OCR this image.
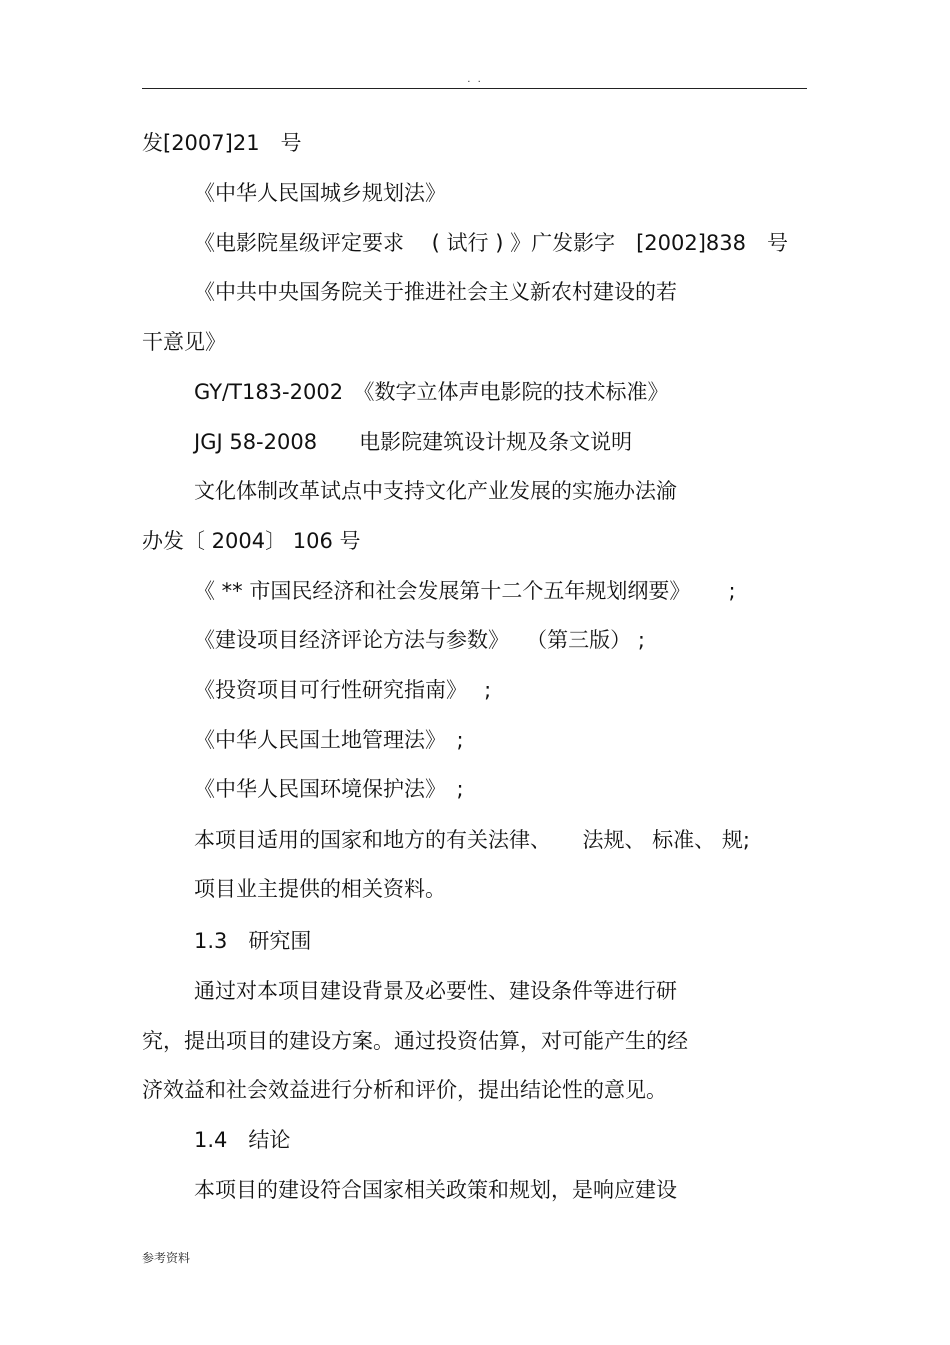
. .
发[2007]21　号
《中华人民国城乡规划法》
《电影院星级评定要求　 ( 试行 ) 》广发影字　[2002]838　号
《中共中央国务院关于推进社会主义新农村建设的若
干意见》
GY/T183-2002　《数字立体声电影院的技术标准》
JGJ 58-2008　　电影院建筑设计规及条文说明
文化体制改革试点中支持文化产业发展的实施办法渝
办发〔 2004〕 106 号
《 ** 市国民经济和社会发展第十二个五年规划纲要》　　 ;
《建设项目经济评论方法与参数》　 （第三版） ;
《投资项目可行性研究指南》　 ;
《中华人民国土地管理法》　;
《中华人民国环境保护法》　;
本项目适用的国家和地方的有关法律、　　法规、 标准、 规;
项目业主提供的相关资料。
1.3　研究围
通过对本项目建设背景及必要性、建设条件等进行研
究，提出项目的建设方案。通过投资估算，对可能产生的经
济效益和社会效益进行分析和评价，提出结论性的意见。
1.4　结论
本项目的建设符合国家相关政策和规划，是响应建设
参考资料
